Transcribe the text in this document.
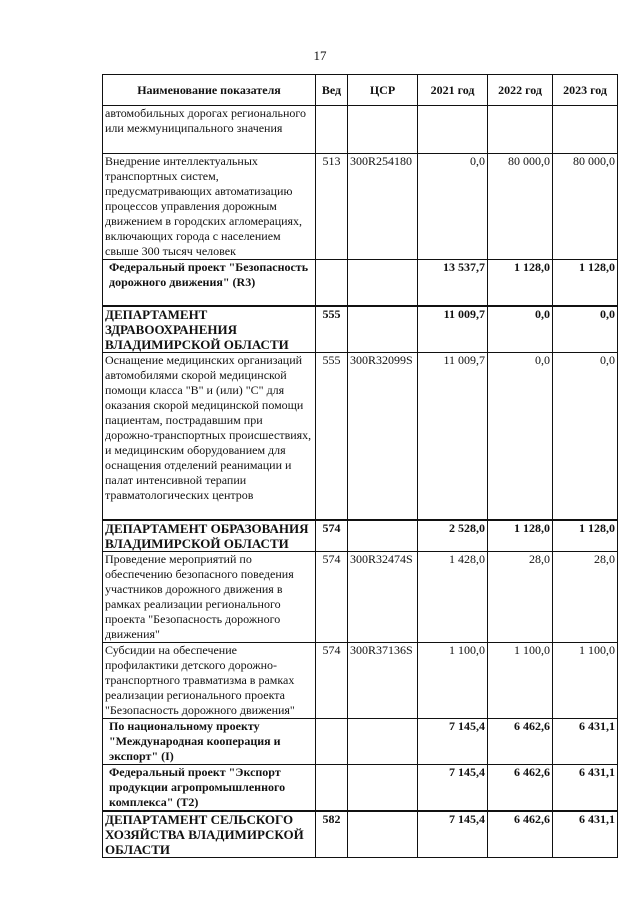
17
Наименование показателя	Вед	ЦСР	2021 год	2022 год	2023 год
автомобильных дорогах регионального или межмуниципального значения					
Внедрение интеллектуальных транспортных систем, предусматривающих автоматизацию процессов управления дорожным движением в городских агломерациях, включающих города с населением свыше 300 тысяч человек	513	300R254180	0,0	80 000,0	80 000,0
Федеральный проект "Безопасность дорожного движения" (R3)			13 537,7	1 128,0	1 128,0
ДЕПАРТАМЕНТ ЗДРАВООХРАНЕНИЯ ВЛАДИМИРСКОЙ ОБЛАСТИ	555		11 009,7	0,0	0,0
Оснащение медицинских организаций автомобилями скорой медицинской помощи класса "В" и (или) "С" для оказания скорой медицинской помощи пациентам, пострадавшим при дорожно-транспортных происшествиях, и медицинским оборудованием для оснащения отделений реанимации и палат интенсивной терапии травматологических центров	555	300R32099S	11 009,7	0,0	0,0
ДЕПАРТАМЕНТ ОБРАЗОВАНИЯ ВЛАДИМИРСКОЙ ОБЛАСТИ	574		2 528,0	1 128,0	1 128,0
Проведение мероприятий по обеспечению безопасного поведения участников дорожного движения в рамках реализации регионального проекта "Безопасность дорожного движения"	574	300R32474S	1 428,0	28,0	28,0
Субсидии на обеспечение профилактики детского дорожно-транспортного травматизма в рамках реализации регионального проекта "Безопасность дорожного движения"	574	300R37136S	1 100,0	1 100,0	1 100,0
По национальному проекту "Международная кооперация и экспорт" (I)			7 145,4	6 462,6	6 431,1
Федеральный проект "Экспорт продукции агропромышленного комплекса" (T2)			7 145,4	6 462,6	6 431,1
ДЕПАРТАМЕНТ СЕЛЬСКОГО ХОЗЯЙСТВА ВЛАДИМИРСКОЙ ОБЛАСТИ	582		7 145,4	6 462,6	6 431,1
